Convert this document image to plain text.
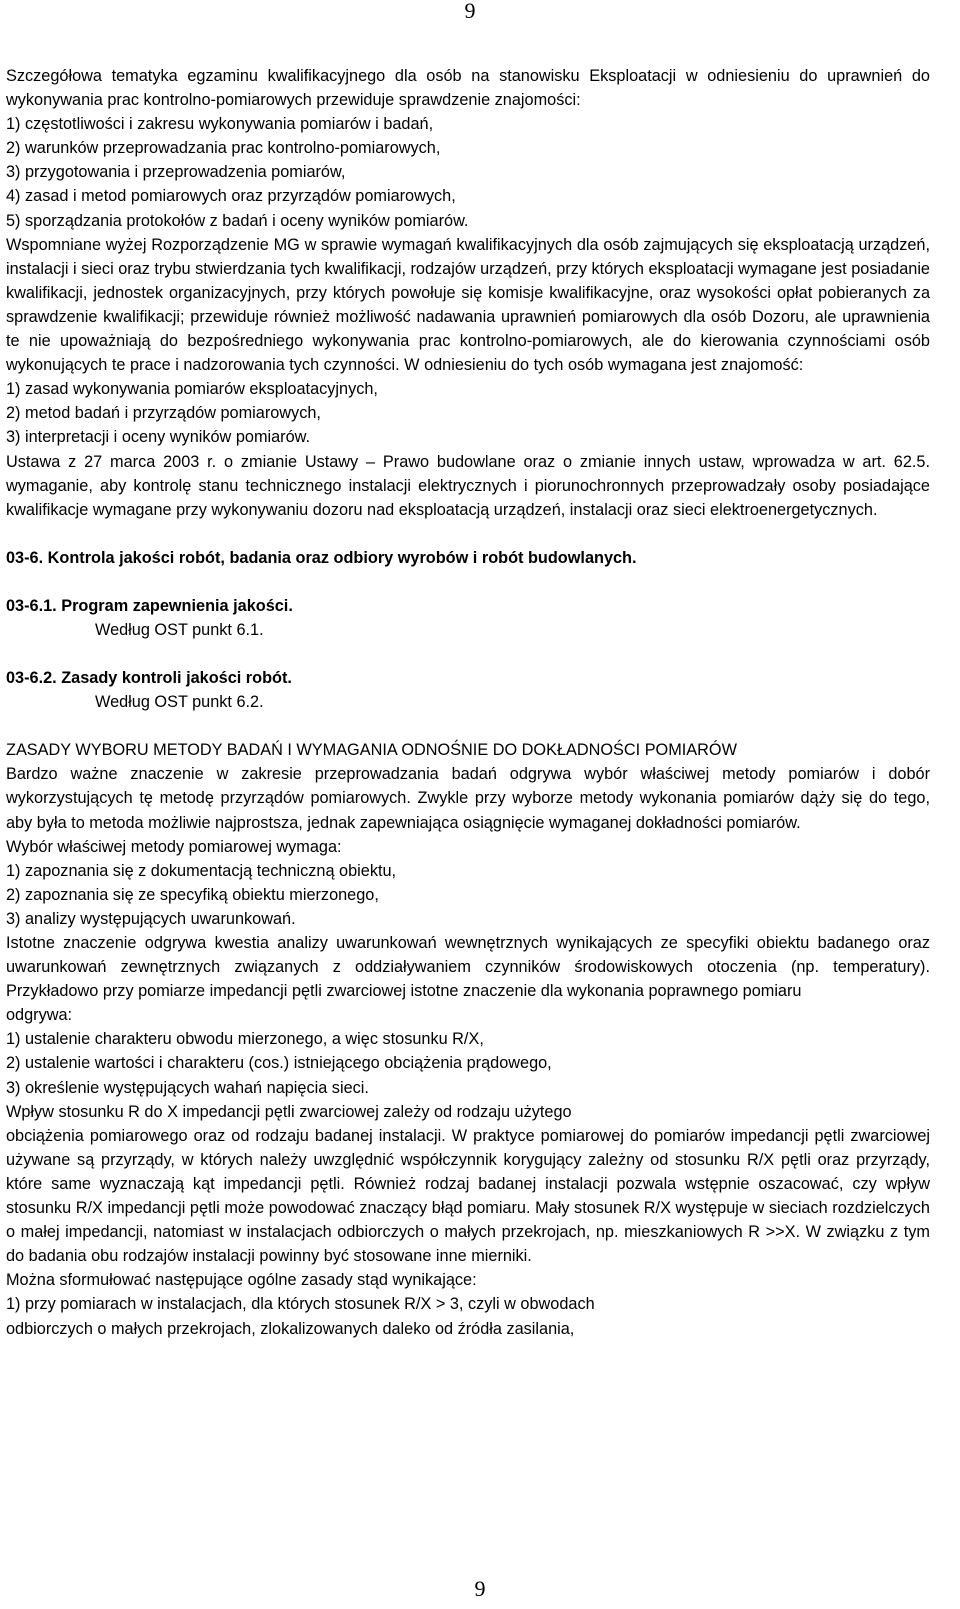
9

Szczegółowa tematyka egzaminu kwalifikacyjnego dla osób na stanowisku Eksploatacji w odniesieniu do uprawnień do wykonywania prac kontrolno-pomiarowych przewiduje sprawdzenie znajomości:

1) częstotliwości i zakresu wykonywania pomiarów i badań,

2) warunków przeprowadzania prac kontrolno-pomiarowych,

3) przygotowania i przeprowadzenia pomiarów,

4) zasad i metod pomiarowych oraz przyrządów pomiarowych,

5) sporządzania protokołów z badań i oceny wyników pomiarów.

Wspomniane wyżej Rozporządzenie MG w sprawie wymagań kwalifikacyjnych dla osób zajmujących się eksploatacją urządzeń, instalacji i sieci oraz trybu stwierdzania tych kwalifikacji, rodzajów urządzeń, przy których eksploatacji wymagane jest posiadanie kwalifikacji, jednostek organizacyjnych, przy których powołuje się komisje kwalifikacyjne, oraz wysokości opłat pobieranych za sprawdzenie kwalifikacji; przewiduje również możliwość nadawania uprawnień pomiarowych dla osób Dozoru, ale uprawnienia te nie upoważniają do bezpośredniego wykonywania prac kontrolno-pomiarowych, ale do kierowania czynnościami osób wykonujących te prace i nadzorowania tych czynności. W odniesieniu do tych osób wymagana jest znajomość:

1) zasad wykonywania pomiarów eksploatacyjnych,

2) metod badań i przyrządów pomiarowych,

3) interpretacji i oceny wyników pomiarów.

Ustawa z 27 marca 2003 r. o zmianie Ustawy – Prawo budowlane oraz o zmianie innych ustaw, wprowadza w art. 62.5. wymaganie, aby kontrolę stanu technicznego instalacji elektrycznych i piorunochronnych przeprowadzały osoby posiadające kwalifikacje wymagane przy wykonywaniu dozoru nad eksploatacją urządzeń, instalacji oraz sieci elektroenergetycznych.

03-6. Kontrola jakości robót, badania oraz odbiory wyrobów i robót budowlanych.

03-6.1. Program zapewnienia jakości.

Według OST punkt 6.1.

03-6.2. Zasady kontroli jakości robót.

Według OST punkt 6.2.

ZASADY WYBORU METODY BADAŃ I WYMAGANIA ODNOŚNIE DO DOKŁADNOŚCI POMIARÓW

Bardzo ważne znaczenie w zakresie przeprowadzania badań odgrywa wybór właściwej metody pomiarów i dobór wykorzystujących tę metodę przyrządów pomiarowych. Zwykle przy wyborze metody wykonania pomiarów dąży się do tego, aby była to metoda możliwie najprostsza, jednak zapewniająca osiągnięcie wymaganej dokładności pomiarów.

Wybór właściwej metody pomiarowej wymaga:

1) zapoznania się z dokumentacją techniczną obiektu,

2) zapoznania się ze specyfiką obiektu mierzonego,

3) analizy występujących uwarunkowań.

Istotne znaczenie odgrywa kwestia analizy uwarunkowań wewnętrznych wynikających ze specyfiki obiektu badanego oraz uwarunkowań zewnętrznych związanych z oddziaływaniem czynników środowiskowych otoczenia (np. temperatury). Przykładowo przy pomiarze impedancji pętli zwarciowej istotne znaczenie dla wykonania poprawnego pomiaru

odgrywa:

1) ustalenie charakteru obwodu mierzonego, a więc stosunku R/X,

2) ustalenie wartości i charakteru (cos.) istniejącego obciążenia prądowego,

3) określenie występujących wahań napięcia sieci.

Wpływ stosunku R do X impedancji pętli zwarciowej zależy od rodzaju użytego

obciążenia pomiarowego oraz od rodzaju badanej instalacji. W praktyce pomiarowej do pomiarów impedancji pętli zwarciowej używane są przyrządy, w których należy uwzględnić współczynnik korygujący zależny od stosunku R/X pętli oraz przyrządy, które same wyznaczają kąt impedancji pętli. Również rodzaj badanej instalacji pozwala wstępnie oszacować, czy wpływ stosunku R/X impedancji pętli może powodować znaczący błąd pomiaru. Mały stosunek R/X występuje w sieciach rozdzielczych o małej impedancji, natomiast w instalacjach odbiorczych o małych przekrojach, np. mieszkaniowych R >>X. W związku z tym do badania obu rodzajów instalacji powinny być stosowane inne mierniki.

Można sformułować następujące ogólne zasady stąd wynikające:

1) przy pomiarach w instalacjach, dla których stosunek R/X > 3, czyli w obwodach

odbiorczych o małych przekrojach, zlokalizowanych daleko od źródła zasilania,

9
